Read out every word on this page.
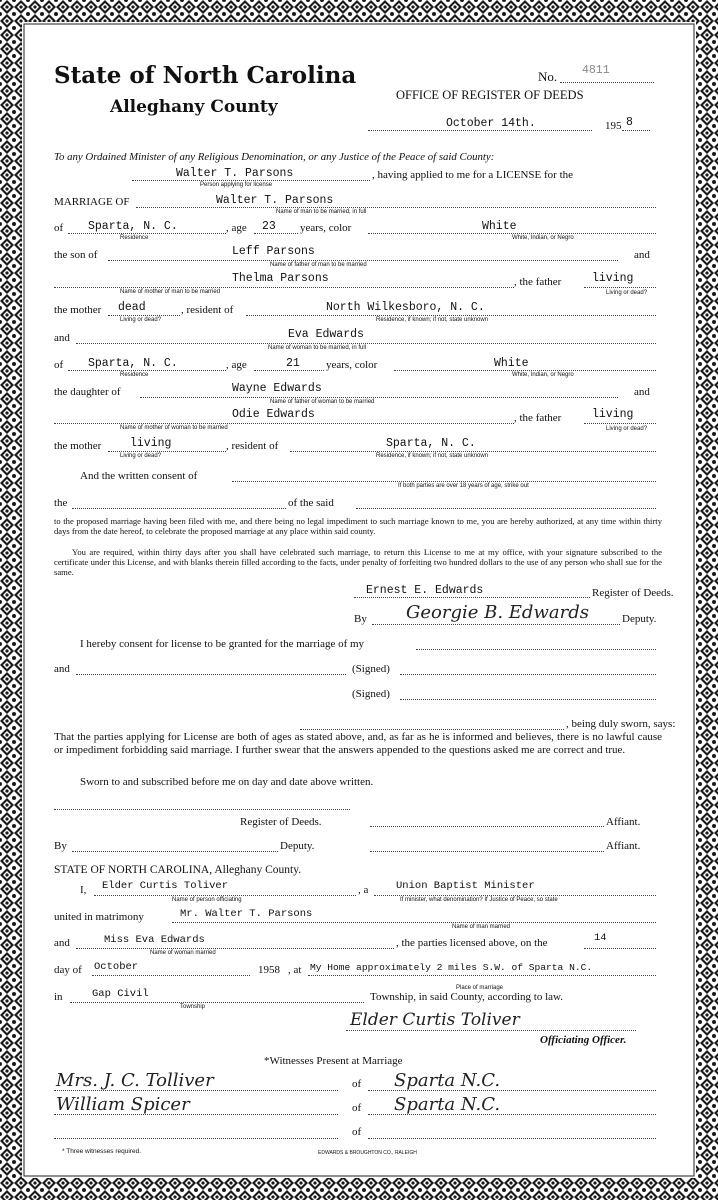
State of North Carolina
Alleghany County
No. 4811
OFFICE OF REGISTER OF DEEDS
October 14th.	195 8
To any Ordained Minister of any Religious Denomination, or any Justice of the Peace of said County:
Walter T. Parsons
Person applying for license
, having applied to me for a LICENSE for the
MARRIAGE OF	Walter T. Parsons
Name of man to be married, in full
of Sparta, N. C.
Residence
, age 23 years, color	White
White, Indian, or Negro
the son of	Leff Parsons
Name of father of man to be married
and
Thelma Parsons
Name of mother of man to be married
, the father	living
Living or dead?
the mother dead
Living or dead?
, resident of	North Wilkesboro, N. C.
Residence, if known; if not, state unknown
and	Eva Edwards
Name of woman to be married, in full
of Sparta, N. C.
Residence
, age	21 years, color	White
White, Indian, or Negro
the daughter of	Wayne Edwards
Name of father of woman to be married
and
Odie Edwards
Name of mother of woman to be married
, the father	living
Living or dead?
the mother living
Living or dead?
, resident of	Sparta, N. C.
Residence, if known; if not, state unknown
And the written consent of
If both parties are over 18 years of age, strike out
the	of the said
to the proposed marriage having been filed with me, and there being no legal impediment to such marriage known to me, you are hereby authorized, at any time within thirty days from the date hereof, to celebrate the proposed marriage at any place within said county.
You are required, within thirty days after you shall have celebrated such marriage, to return this License to me at my office, with your signature subscribed to the certificate under this License, and with blanks therein filled according to the facts, under penalty of forfeiting two hundred dollars to the use of any person who shall sue for the same.
Ernest E. Edwards	Register of Deeds.
By Georgie B. Edwards	Deputy.
I hereby consent for license to be granted for the marriage of my
and	(Signed)
(Signed)
, being duly sworn, says:
That the parties applying for License are both of ages as stated above, and, as far as he is informed and believes, there is no lawful cause or impediment forbidding said marriage. I further swear that the answers appended to the questions asked me are correct and true.
Sworn to and subscribed before me on day and date above written.
Register of Deeds.	Affiant.
By	Deputy.	Affiant.
STATE OF NORTH CAROLINA, Alleghany County.
I, Elder Curtis Toliver
Name of person officiating
, a	Union Baptist Minister
If minister, what denomination? If Justice of Peace, so state
united in matrimony	Mr. Walter T. Parsons
Name of man married
and	Miss Eva Edwards
Name of woman married
, the parties licensed above, on the	14
day of October	1958 , at My Home approximately 2 miles S.W. of Sparta N.C.
Place of marriage
in	Gap Civil
Township
Township, in said County, according to law.
Elder Curtis Toliver
Officiating Officer.
*Witnesses Present at Marriage
Mrs. J. C. Tolliver	of Sparta N.C.
William Spicer	of Sparta N.C.
of
* Three witnesses required.	EDWARDS & BROUGHTON CO., RALEIGH
